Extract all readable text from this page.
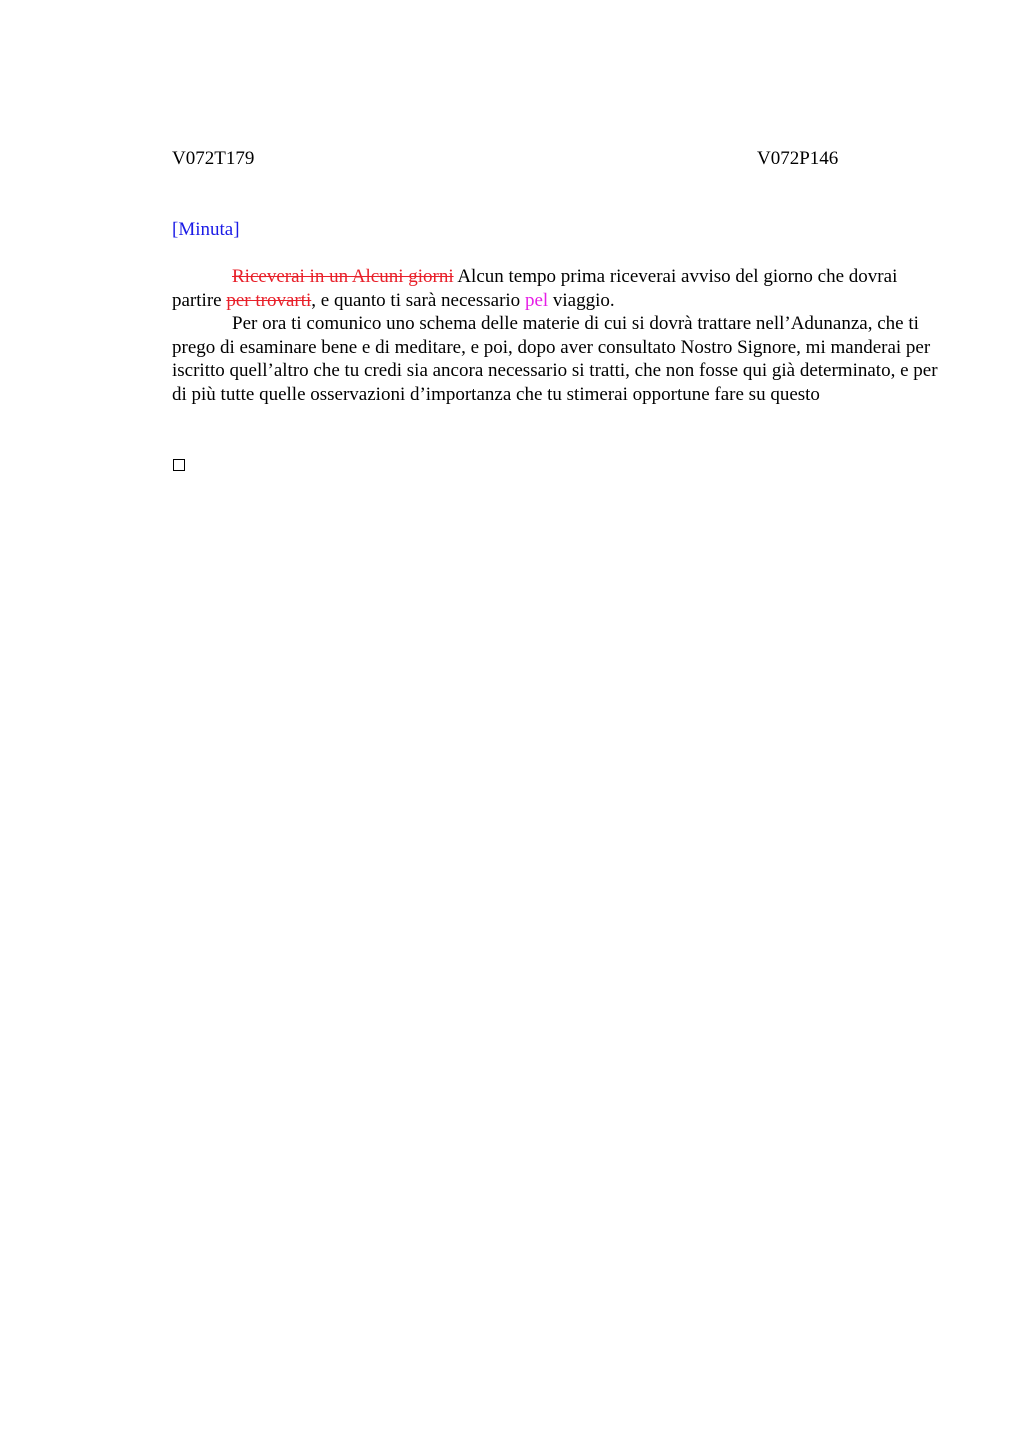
V072T179	V072P146
[Minuta]

Riceverai in un Alcuni giorni Alcun tempo prima riceverai avviso del giorno che dovrai partire per trovarti, e quanto ti sarà necessario pel viaggio.

Per ora ti comunico uno schema delle materie di cui si dovrà trattare nell’Adunanza, che ti prego di esaminare bene e di meditare, e poi, dopo aver consultato Nostro Signore, mi manderai per iscritto quell’altro che tu credi sia ancora necessario si tratti, che non fosse qui già determinato, e per di più tutte quelle osservazioni d’importanza che tu stimerai opportune fare su questo
